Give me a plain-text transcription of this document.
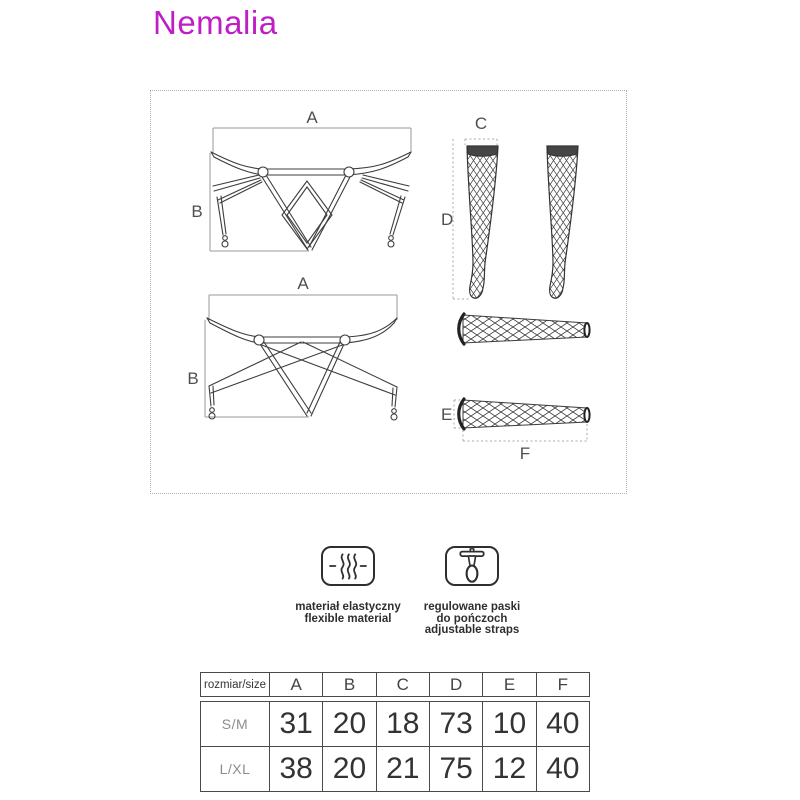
Nemalia
A
B
A
B
C
D
E
F
materiał elastyczny
flexible material
regulowane paski
do pończoch
adjustable straps
rozmiar/size	A	B	C	D	E	F
S/M	31 20 18 73 10 40
L/XL 38 20 21 75 12 40
